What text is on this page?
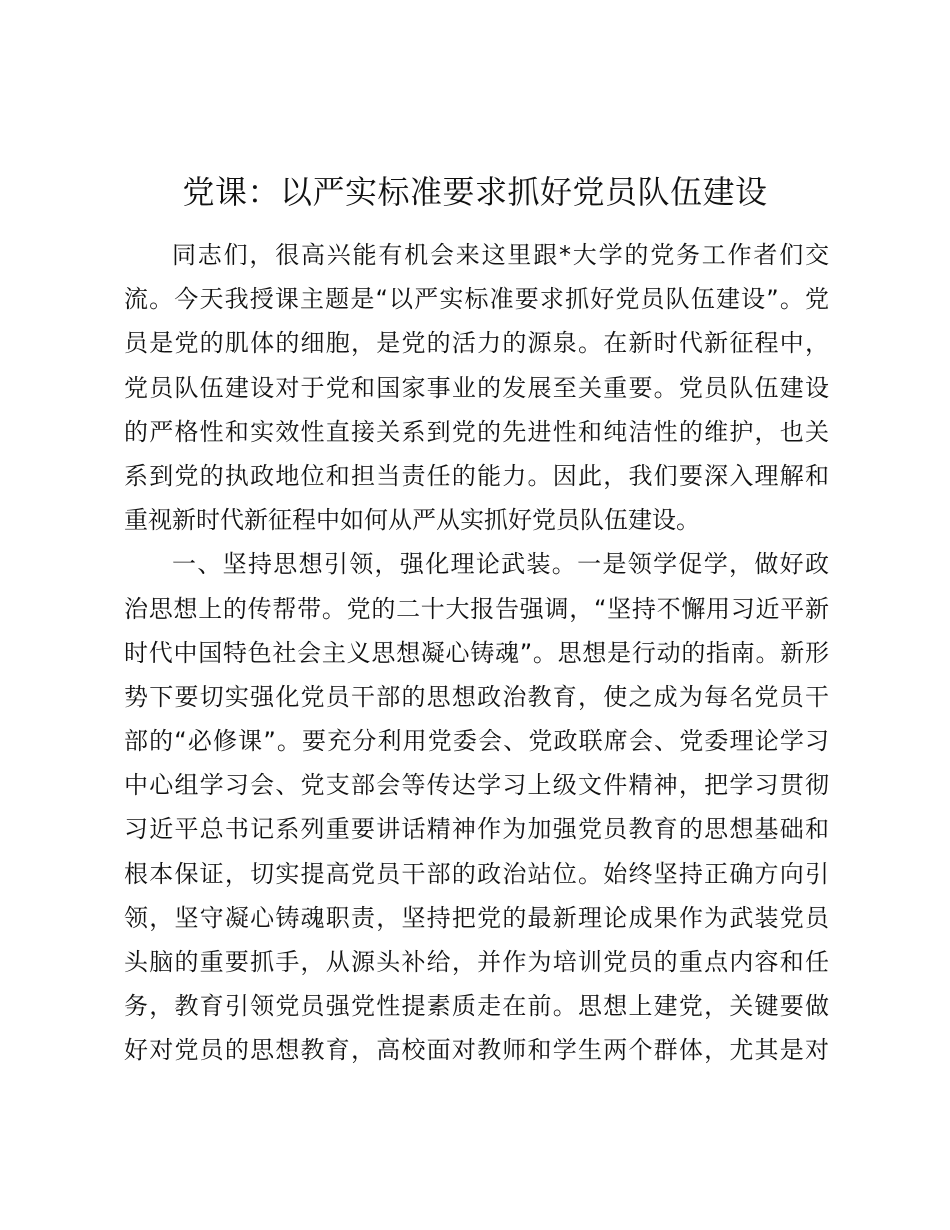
党课：以严实标准要求抓好党员队伍建设
同志们，很高兴能有机会来这里跟*大学的党务工作者们交
流。今天我授课主题是“以严实标准要求抓好党员队伍建设”。党
员是党的肌体的细胞，是党的活力的源泉。在新时代新征程中，
党员队伍建设对于党和国家事业的发展至关重要。党员队伍建设
的严格性和实效性直接关系到党的先进性和纯洁性的维护，也关
系到党的执政地位和担当责任的能力。因此，我们要深入理解和
重视新时代新征程中如何从严从实抓好党员队伍建设。
一、坚持思想引领，强化理论武装。一是领学促学，做好政
治思想上的传帮带。党的二十大报告强调，“坚持不懈用习近平新
时代中国特色社会主义思想凝心铸魂”。思想是行动的指南。新形
势下要切实强化党员干部的思想政治教育，使之成为每名党员干
部的“必修课”。要充分利用党委会、党政联席会、党委理论学习
中心组学习会、党支部会等传达学习上级文件精神，把学习贯彻
习近平总书记系列重要讲话精神作为加强党员教育的思想基础和
根本保证，切实提高党员干部的政治站位。始终坚持正确方向引
领，坚守凝心铸魂职责，坚持把党的最新理论成果作为武装党员
头脑的重要抓手，从源头补给，并作为培训党员的重点内容和任
务，教育引领党员强党性提素质走在前。思想上建党，关键要做
好对党员的思想教育，高校面对教师和学生两个群体，尤其是对
